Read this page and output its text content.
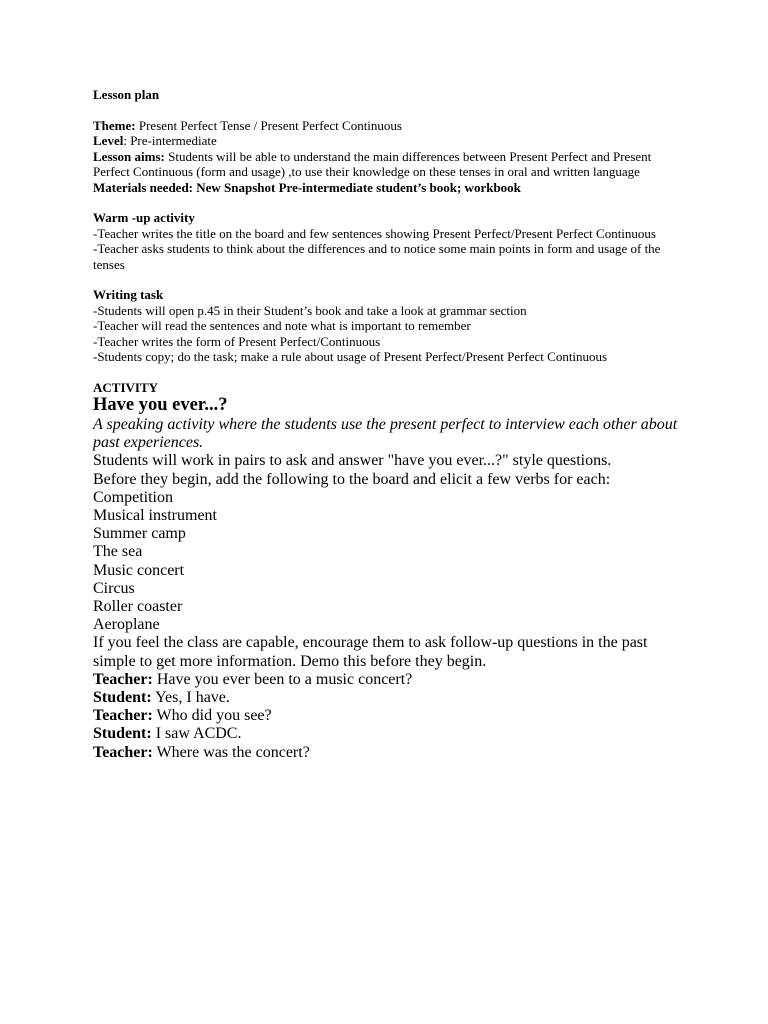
Lesson plan

Theme: Present Perfect Tense / Present Perfect Continuous

Level: Pre-intermediate

Lesson aims: Students will be able to understand the main differences between Present Perfect and Present Perfect Continuous (form and usage) ,to use their knowledge on these tenses in oral and written language

Materials needed: New Snapshot Pre-intermediate student’s book; workbook

Warm -up activity

-Teacher writes the title on the board and few sentences showing Present Perfect/Present Perfect Continuous

-Teacher asks students to think about the differences and to notice some main points in form and usage of the tenses

Writing task

-Students will open p.45 in their Student’s book and take a look at grammar section

-Teacher will read the sentences and note what is important to remember

-Teacher writes the form of Present Perfect/Continuous

-Students copy; do the task; make a rule about usage of Present Perfect/Present Perfect Continuous

ACTIVITY

Have you ever...?

A speaking activity where the students use the present perfect to interview each other about past experiences.

Students will work in pairs to ask and answer "have you ever...?" style questions.

Before they begin, add the following to the board and elicit a few verbs for each:

Competition

Musical instrument

Summer camp

The sea

Music concert

Circus

Roller coaster

Aeroplane

If you feel the class are capable, encourage them to ask follow-up questions in the past simple to get more information. Demo this before they begin.

Teacher: Have you ever been to a music concert?

Student: Yes, I have.

Teacher: Who did you see?

Student: I saw ACDC.

Teacher: Where was the concert?
